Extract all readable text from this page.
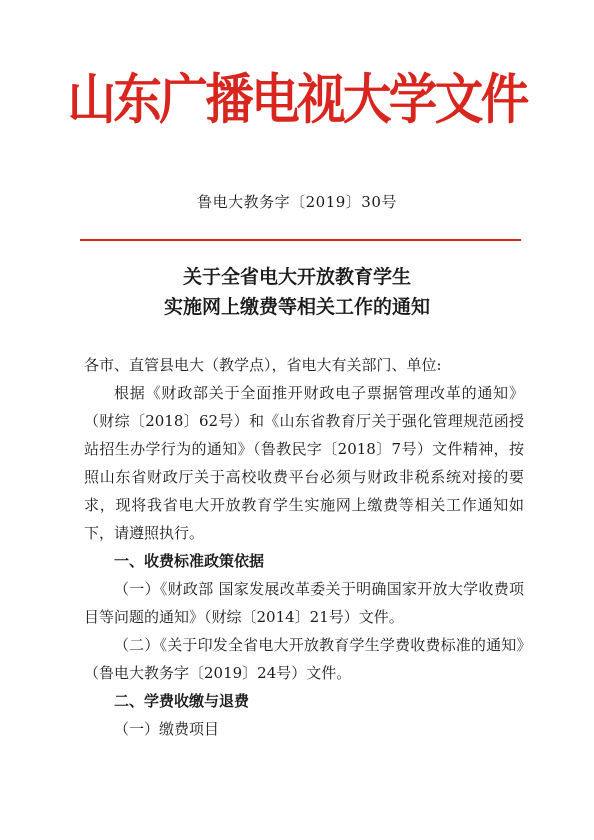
山东广播电视大学文件
鲁电大教务字〔2019〕30号
关于全省电大开放教育学生
实施网上缴费等相关工作的通知

各市、直管县电大（教学点），省电大有关部门、单位:

根据《财政部关于全面推开财政电子票据管理改革的通知》（财综〔2018〕62号）和《山东省教育厅关于强化管理规范函授站招生办学行为的通知》（鲁教民字〔2018〕7号）文件精神，按照山东省财政厅关于高校收费平台必须与财政非税系统对接的要求，现将我省电大开放教育学生实施网上缴费等相关工作通知如下，请遵照执行。

一、收费标准政策依据

（一）《财政部 国家发展改革委关于明确国家开放大学收费项目等问题的通知》（财综〔2014〕21号）文件。

（二）《关于印发全省电大开放教育学生学费收费标准的通知》（鲁电大教务字〔2019〕24号）文件。

二、学费收缴与退费

（一）缴费项目
